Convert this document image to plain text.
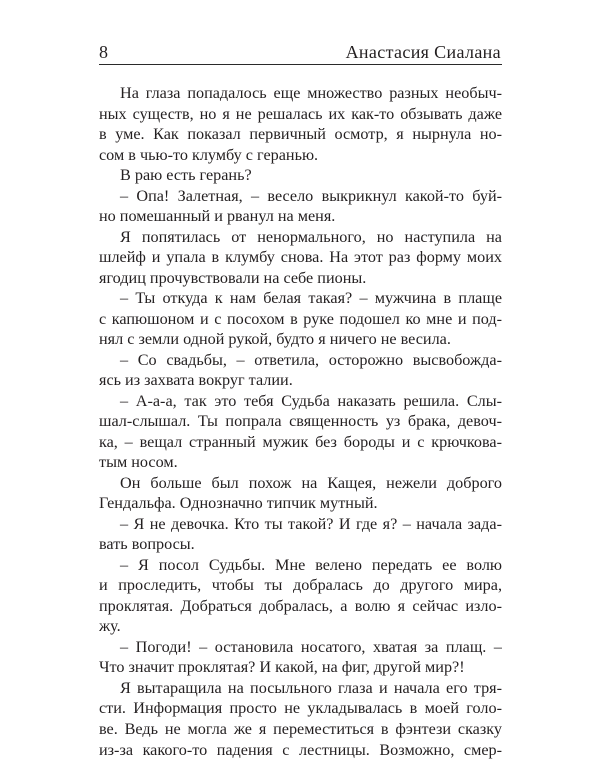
8	Анастасия Сиалана
На глаза попадалось еще множество разных необыч-
ных существ, но я не решалась их как-то обзывать даже
в уме. Как показал первичный осмотр, я нырнула но-
сом в чью-то клумбу с геранью.
В раю есть герань?
– Опа! Залетная, – весело выкрикнул какой-то буй-
но помешанный и рванул на меня.
Я попятилась от ненормального, но наступила на
шлейф и упала в клумбу снова. На этот раз форму моих
ягодиц прочувствовали на себе пионы.
– Ты откуда к нам белая такая? – мужчина в плаще
с капюшоном и с посохом в руке подошел ко мне и под-
нял с земли одной рукой, будто я ничего не весила.
– Со свадьбы, – ответила, осторожно высвобожда-
ясь из захвата вокруг талии.
– А-а-а, так это тебя Судьба наказать решила. Слы-
шал-слышал. Ты попрала священность уз брака, девоч-
ка, – вещал странный мужик без бороды и с крючкова-
тым носом.
Он больше был похож на Кащея, нежели доброго
Гендальфа. Однозначно типчик мутный.
– Я не девочка. Кто ты такой? И где я? – начала зада-
вать вопросы.
– Я посол Судьбы. Мне велено передать ее волю
и проследить, чтобы ты добралась до другого мира,
проклятая. Добраться добралась, а волю я сейчас изло-
жу.
– Погоди! – остановила носатого, хватая за плащ. –
Что значит проклятая? И какой, на фиг, другой мир?!
Я вытаращила на посыльного глаза и начала его тря-
сти. Информация просто не укладывалась в моей голо-
ве. Ведь не могла же я переместиться в фэнтези сказку
из-за какого-то падения с лестницы. Возможно, смер-
